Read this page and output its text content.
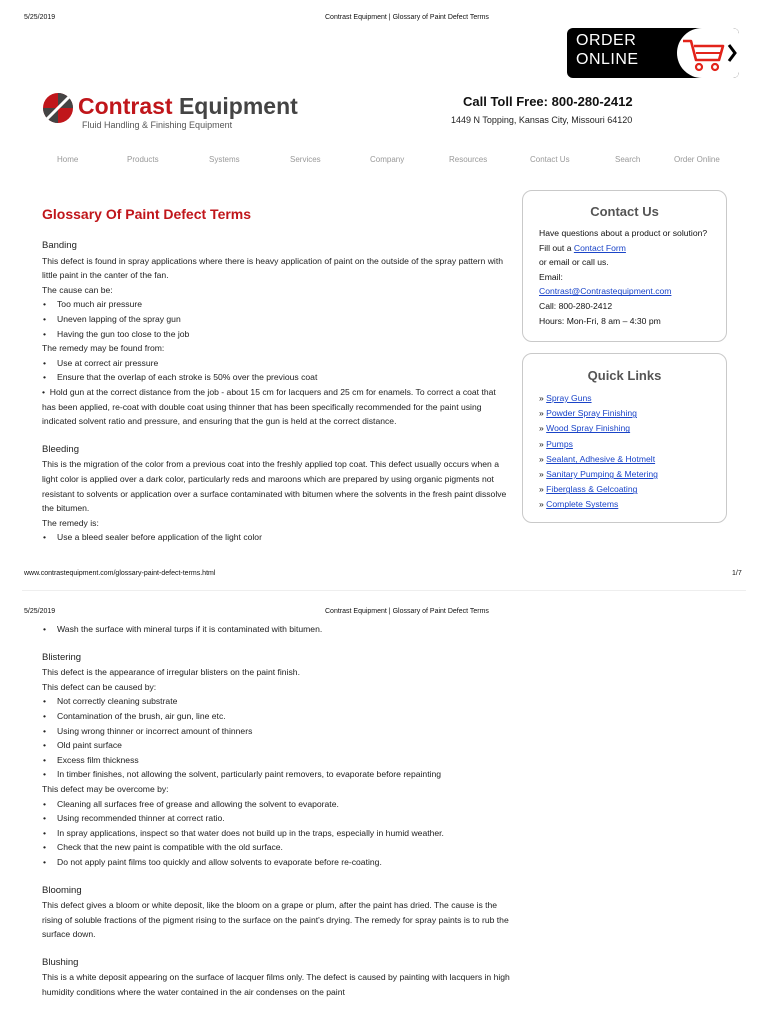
5/25/2019	Contrast Equipment | Glossary of Paint Defect Terms
ORDER
ONLINE
Contrast Equipment
Fluid Handling & Finishing Equipment
Call Toll Free: 800-280-2412
1449 N Topping, Kansas City, Missouri 64120
Home	Products	Systems	Services	Company	Resources	Contact Us	Search	Order Online
Glossary Of Paint Defect Terms

Banding

This defect is found in spray applications where there is heavy application of paint on the outside of the spray pattern with little paint in the canter of the fan.

The cause can be:

• Too much air pressure
• Uneven lapping of the spray gun
• Having the gun too close to the job

The remedy may be found from:

• Use at correct air pressure
• Ensure that the overlap of each stroke is 50% over the previous coat

•  Hold gun at the correct distance from the job - about 15 cm for lacquers and 25 cm for enamels. To correct a coat that has been applied, re-coat with double coat using thinner that has been specifically recommended for the paint using indicated solvent ratio and pressure, and ensuring that the gun is held at the correct distance.

Bleeding

This is the migration of the color from a previous coat into the freshly applied top coat. This defect usually occurs when a light color is applied over a dark color, particularly reds and maroons which are prepared by using organic pigments not resistant to solvents or application over a surface contaminated with bitumen where the solvents in the fresh paint dissolve the bitumen.

The remedy is:

• Use a bleed sealer before application of the light color
Contact Us
Have questions about a product or solution? Fill out a Contact Form
or email or call us.
Email:
Contrast@Contrastequipment.com
Call: 800-280-2412
Hours: Mon-Fri, 8 am – 4:30 pm
Quick Links
» Spray Guns
» Powder Spray Finishing
» Wood Spray Finishing
» Pumps
» Sealant, Adhesive & Hotmelt
» Sanitary Pumping & Metering
» Fiberglass & Gelcoating
» Complete Systems
www.contrastequipment.com/glossary-paint-defect-terms.html	1/7
5/25/2019	Contrast Equipment | Glossary of Paint Defect Terms
• Wash the surface with mineral turps if it is contaminated with bitumen.

Blistering

This defect is the appearance of irregular blisters on the paint finish.

This defect can be caused by:

• Not correctly cleaning substrate
• Contamination of the brush, air gun, line etc.
• Using wrong thinner or incorrect amount of thinners
• Old paint surface
• Excess film thickness
• In timber finishes, not allowing the solvent, particularly paint removers, to evaporate before repainting

This defect may be overcome by:

• Cleaning all surfaces free of grease and allowing the solvent to evaporate.
• Using recommended thinner at correct ratio.
• In spray applications, inspect so that water does not build up in the traps, especially in humid weather.
• Check that the new paint is compatible with the old surface.
• Do not apply paint films too quickly and allow solvents to evaporate before re-coating.

Blooming

This defect gives a bloom or white deposit, like the bloom on a grape or plum, after the paint has dried. The cause is the rising of soluble fractions of the pigment rising to the surface on the paint's drying. The remedy for spray paints is to rub the surface down.

Blushing

This is a white deposit appearing on the surface of lacquer films only. The defect is caused by painting with lacquers in high humidity conditions where the water contained in the air condenses on the paint
